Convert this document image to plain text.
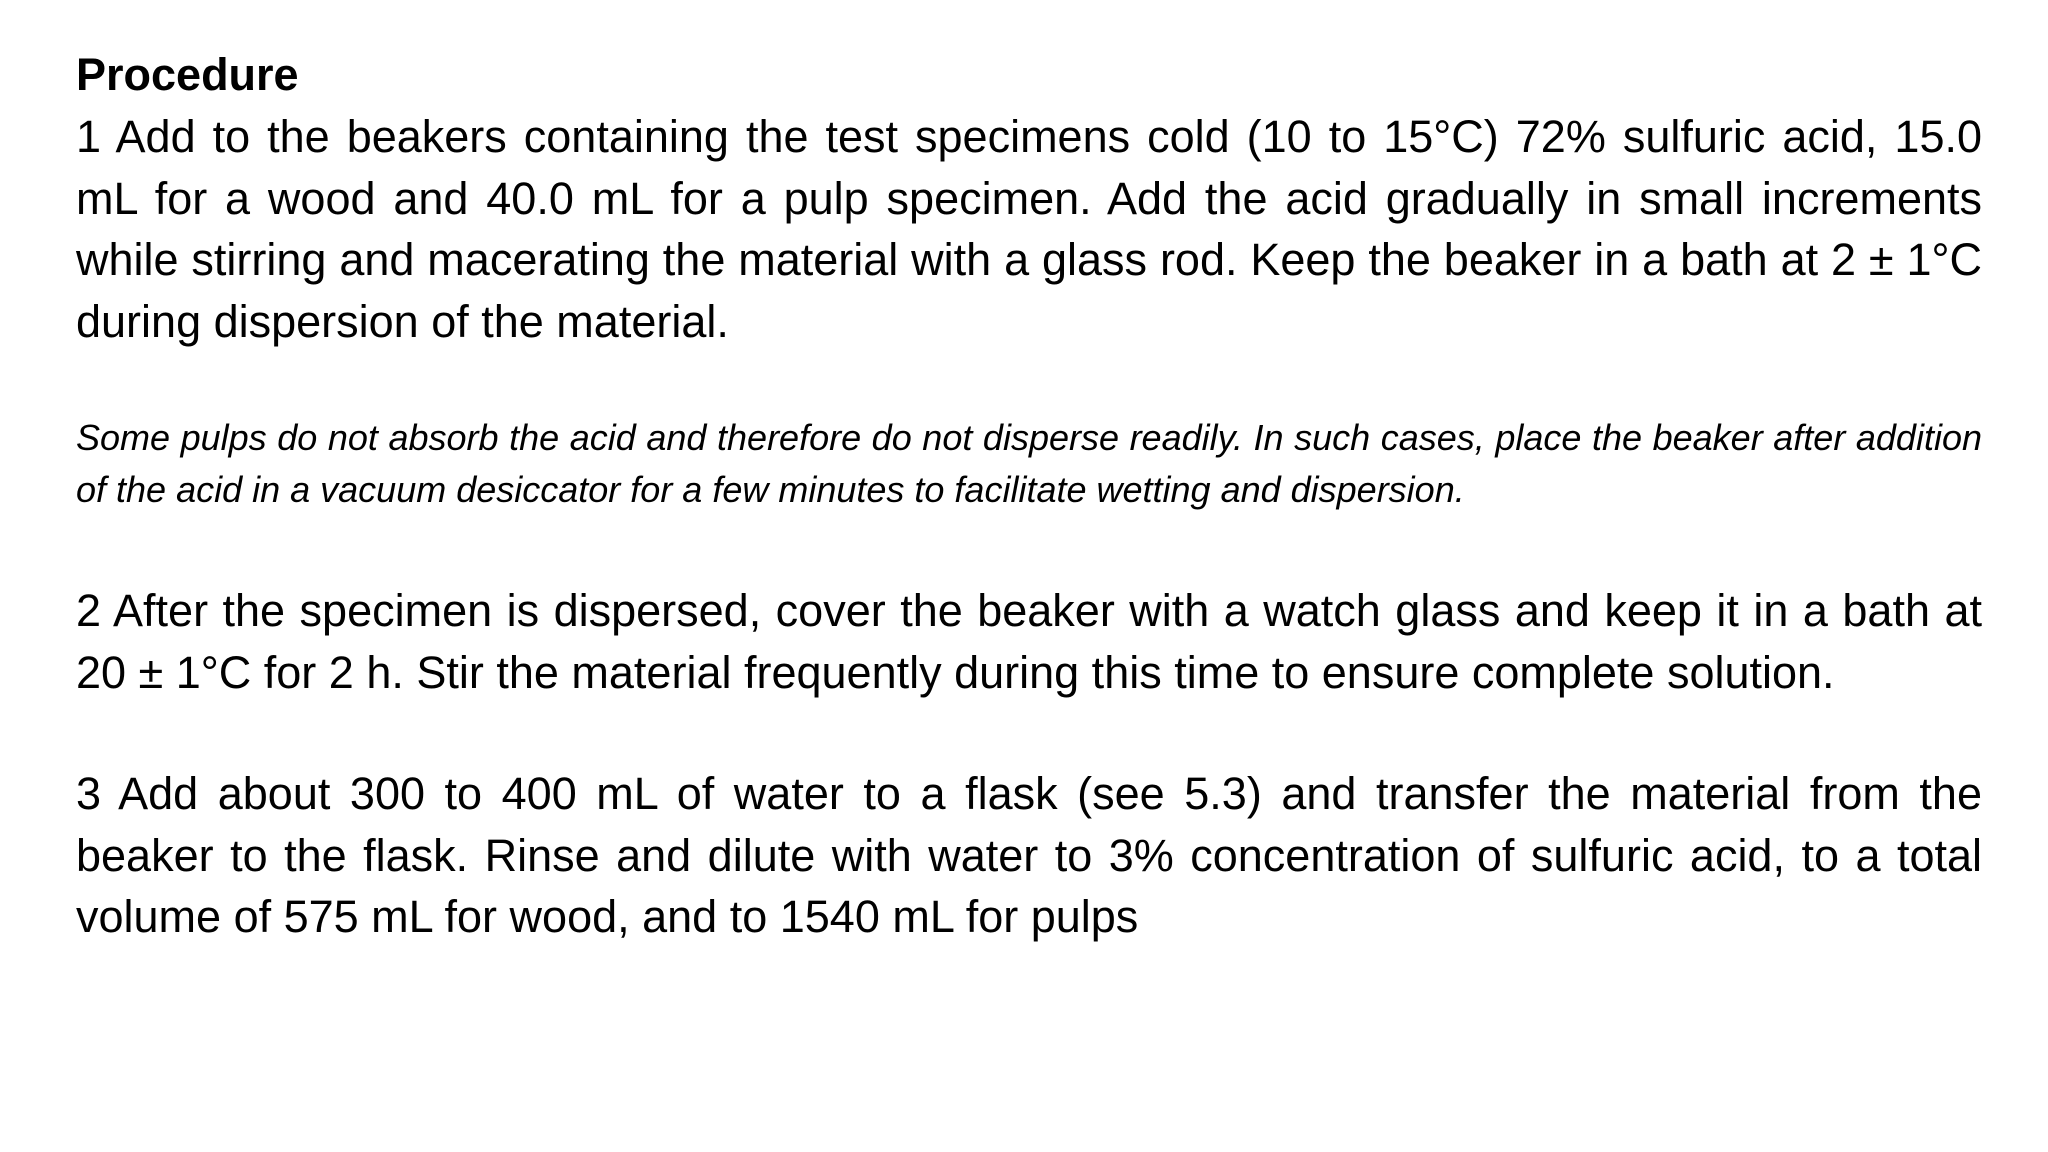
Procedure

1 Add to the beakers containing the test specimens cold (10 to 15°C) 72% sulfuric acid, 15.0 mL for a wood and 40.0 mL for a pulp specimen. Add the acid gradually in small increments while stirring and macerating the material with a glass rod. Keep the beaker in a bath at 2 ± 1°C during dispersion of the material.

Some pulps do not absorb the acid and therefore do not disperse readily. In such cases, place the beaker after addition of the acid in a vacuum desiccator for a few minutes to facilitate wetting and dispersion.

2 After the specimen is dispersed, cover the beaker with a watch glass and keep it in a bath at 20 ± 1°C for 2 h. Stir the material frequently during this time to ensure complete solution.

3 Add about 300 to 400 mL of water to a flask (see 5.3) and transfer the material from the beaker to the flask. Rinse and dilute with water to 3% concentration of sulfuric acid, to a total volume of 575 mL for wood, and to 1540 mL for pulps
